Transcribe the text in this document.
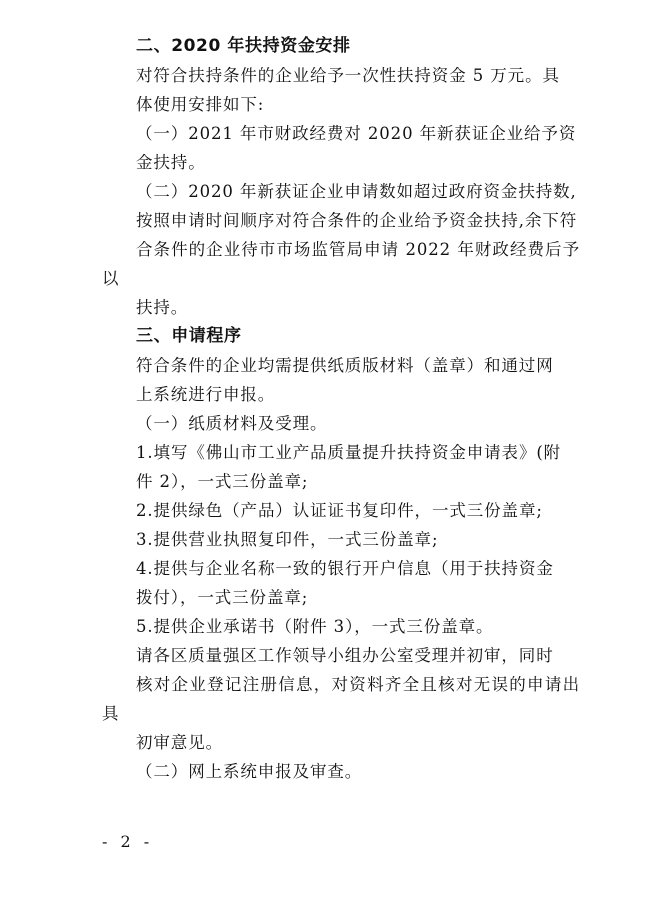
二、2020 年扶持资金安排

对符合扶持条件的企业给予一次性扶持资金 5 万元。具
体使用安排如下:

（一）2021 年市财政经费对 2020 年新获证企业给予资
金扶持。

（二）2020 年新获证企业申请数如超过政府资金扶持数,
按照申请时间顺序对符合条件的企业给予资金扶持,余下符
合条件的企业待市市场监管局申请 2022 年财政经费后予以
扶持。

三、申请程序

符合条件的企业均需提供纸质版材料（盖章）和通过网
上系统进行申报。

（一）纸质材料及受理。

1.填写《佛山市工业产品质量提升扶持资金申请表》(附
件 2），一式三份盖章;

2.提供绿色（产品）认证证书复印件，一式三份盖章;

3.提供营业执照复印件，一式三份盖章;

4.提供与企业名称一致的银行开户信息（用于扶持资金
拨付），一式三份盖章;

5.提供企业承诺书（附件 3），一式三份盖章。

请各区质量强区工作领导小组办公室受理并初审，同时
核对企业登记注册信息，对资料齐全且核对无误的申请出具
初审意见。

（二）网上系统申报及审查。

- 2 -
